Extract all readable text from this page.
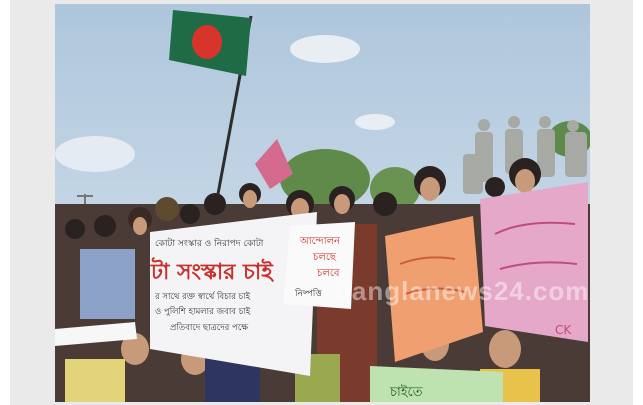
কোটা সংস্কার ও নিরাপদ কোটা
টা সংস্কার চাই
র সাথে রক্ত স্বার্থে বিচার চাই
ও পুলিশি হামলার জবাব চাই
প্রতিবাদে ছাত্রদের পক্ষে
আন্দোলন
চলছে
চলবে
নিষ্পত্তি
CK
চাইতে
banglanews24.com
